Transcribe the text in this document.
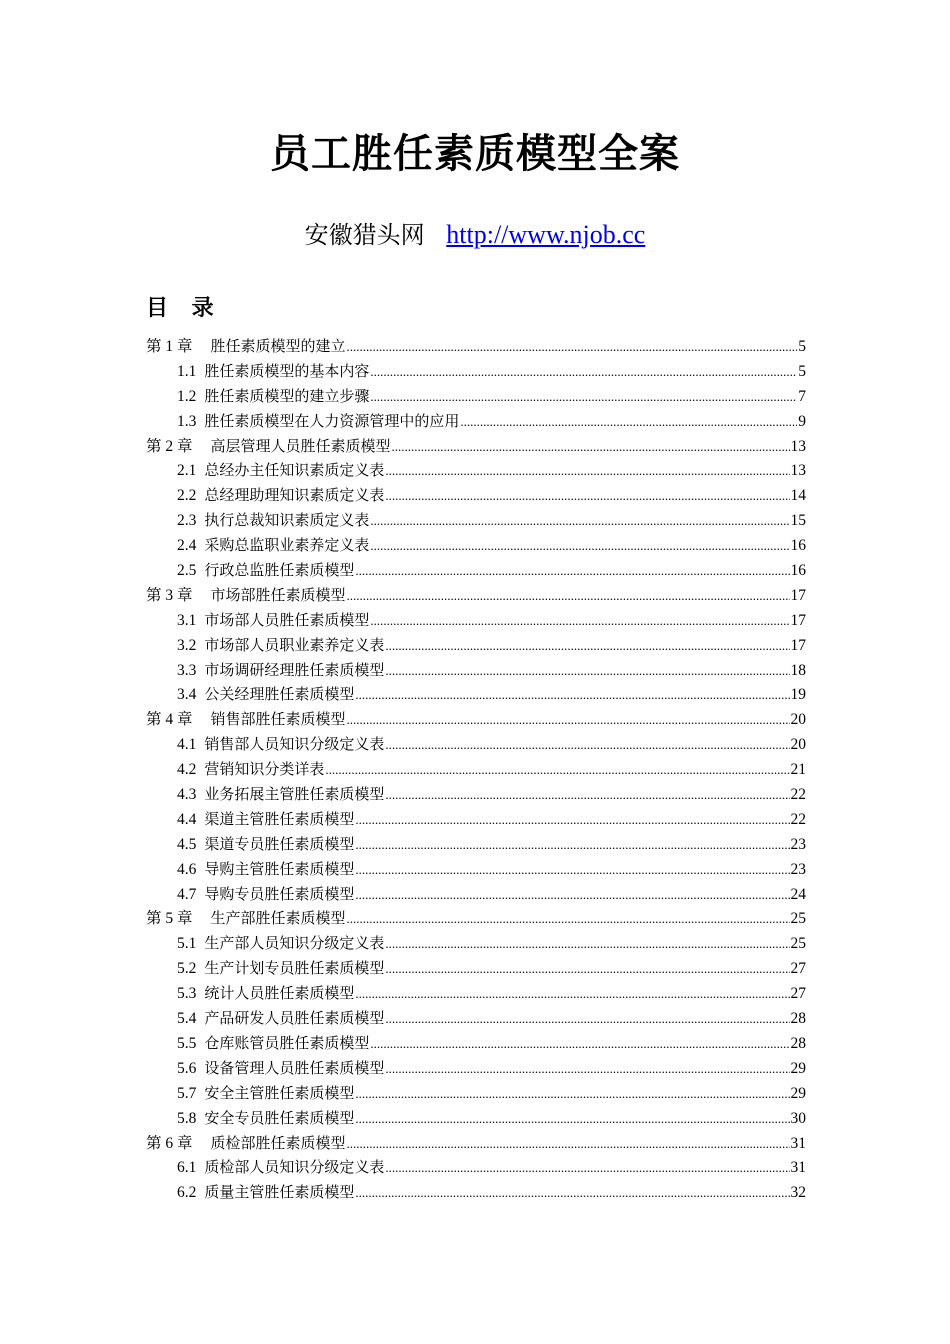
员工胜任素质模型全案
安徽猎头网 http://www.njob.cc
目 录
第 1 章 胜任素质模型的建立 .....	5
1.1 胜任素质模型的基本内容 .....	5
1.2 胜任素质模型的建立步骤 .....	7
1.3 胜任素质模型在人力资源管理中的应用 .....	9
第 2 章 高层管理人员胜任素质模型 .....	13
2.1 总经办主任知识素质定义表 .....	13
2.2 总经理助理知识素质定义表 .....	14
2.3 执行总裁知识素质定义表 .....	15
2.4 采购总监职业素养定义表 .....	16
2.5 行政总监胜任素质模型 .....	16
第 3 章 市场部胜任素质模型 .....	17
3.1 市场部人员胜任素质模型 .....	17
3.2 市场部人员职业素养定义表 .....	17
3.3 市场调研经理胜任素质模型 .....	18
3.4 公关经理胜任素质模型 .....	19
第 4 章 销售部胜任素质模型 .....	20
4.1 销售部人员知识分级定义表 .....	20
4.2 营销知识分类详表 .....	21
4.3 业务拓展主管胜任素质模型 .....	22
4.4 渠道主管胜任素质模型 .....	22
4.5 渠道专员胜任素质模型 .....	23
4.6 导购主管胜任素质模型 .....	23
4.7 导购专员胜任素质模型 .....	24
第 5 章 生产部胜任素质模型 .....	25
5.1 生产部人员知识分级定义表 .....	25
5.2 生产计划专员胜任素质模型 .....	27
5.3 统计人员胜任素质模型 .....	27
5.4 产品研发人员胜任素质模型 .....	28
5.5 仓库账管员胜任素质模型 .....	28
5.6 设备管理人员胜任素质模型 .....	29
5.7 安全主管胜任素质模型 .....	29
5.8 安全专员胜任素质模型 .....	30
第 6 章 质检部胜任素质模型 .....	31
6.1 质检部人员知识分级定义表 .....	31
6.2 质量主管胜任素质模型 .....	32
